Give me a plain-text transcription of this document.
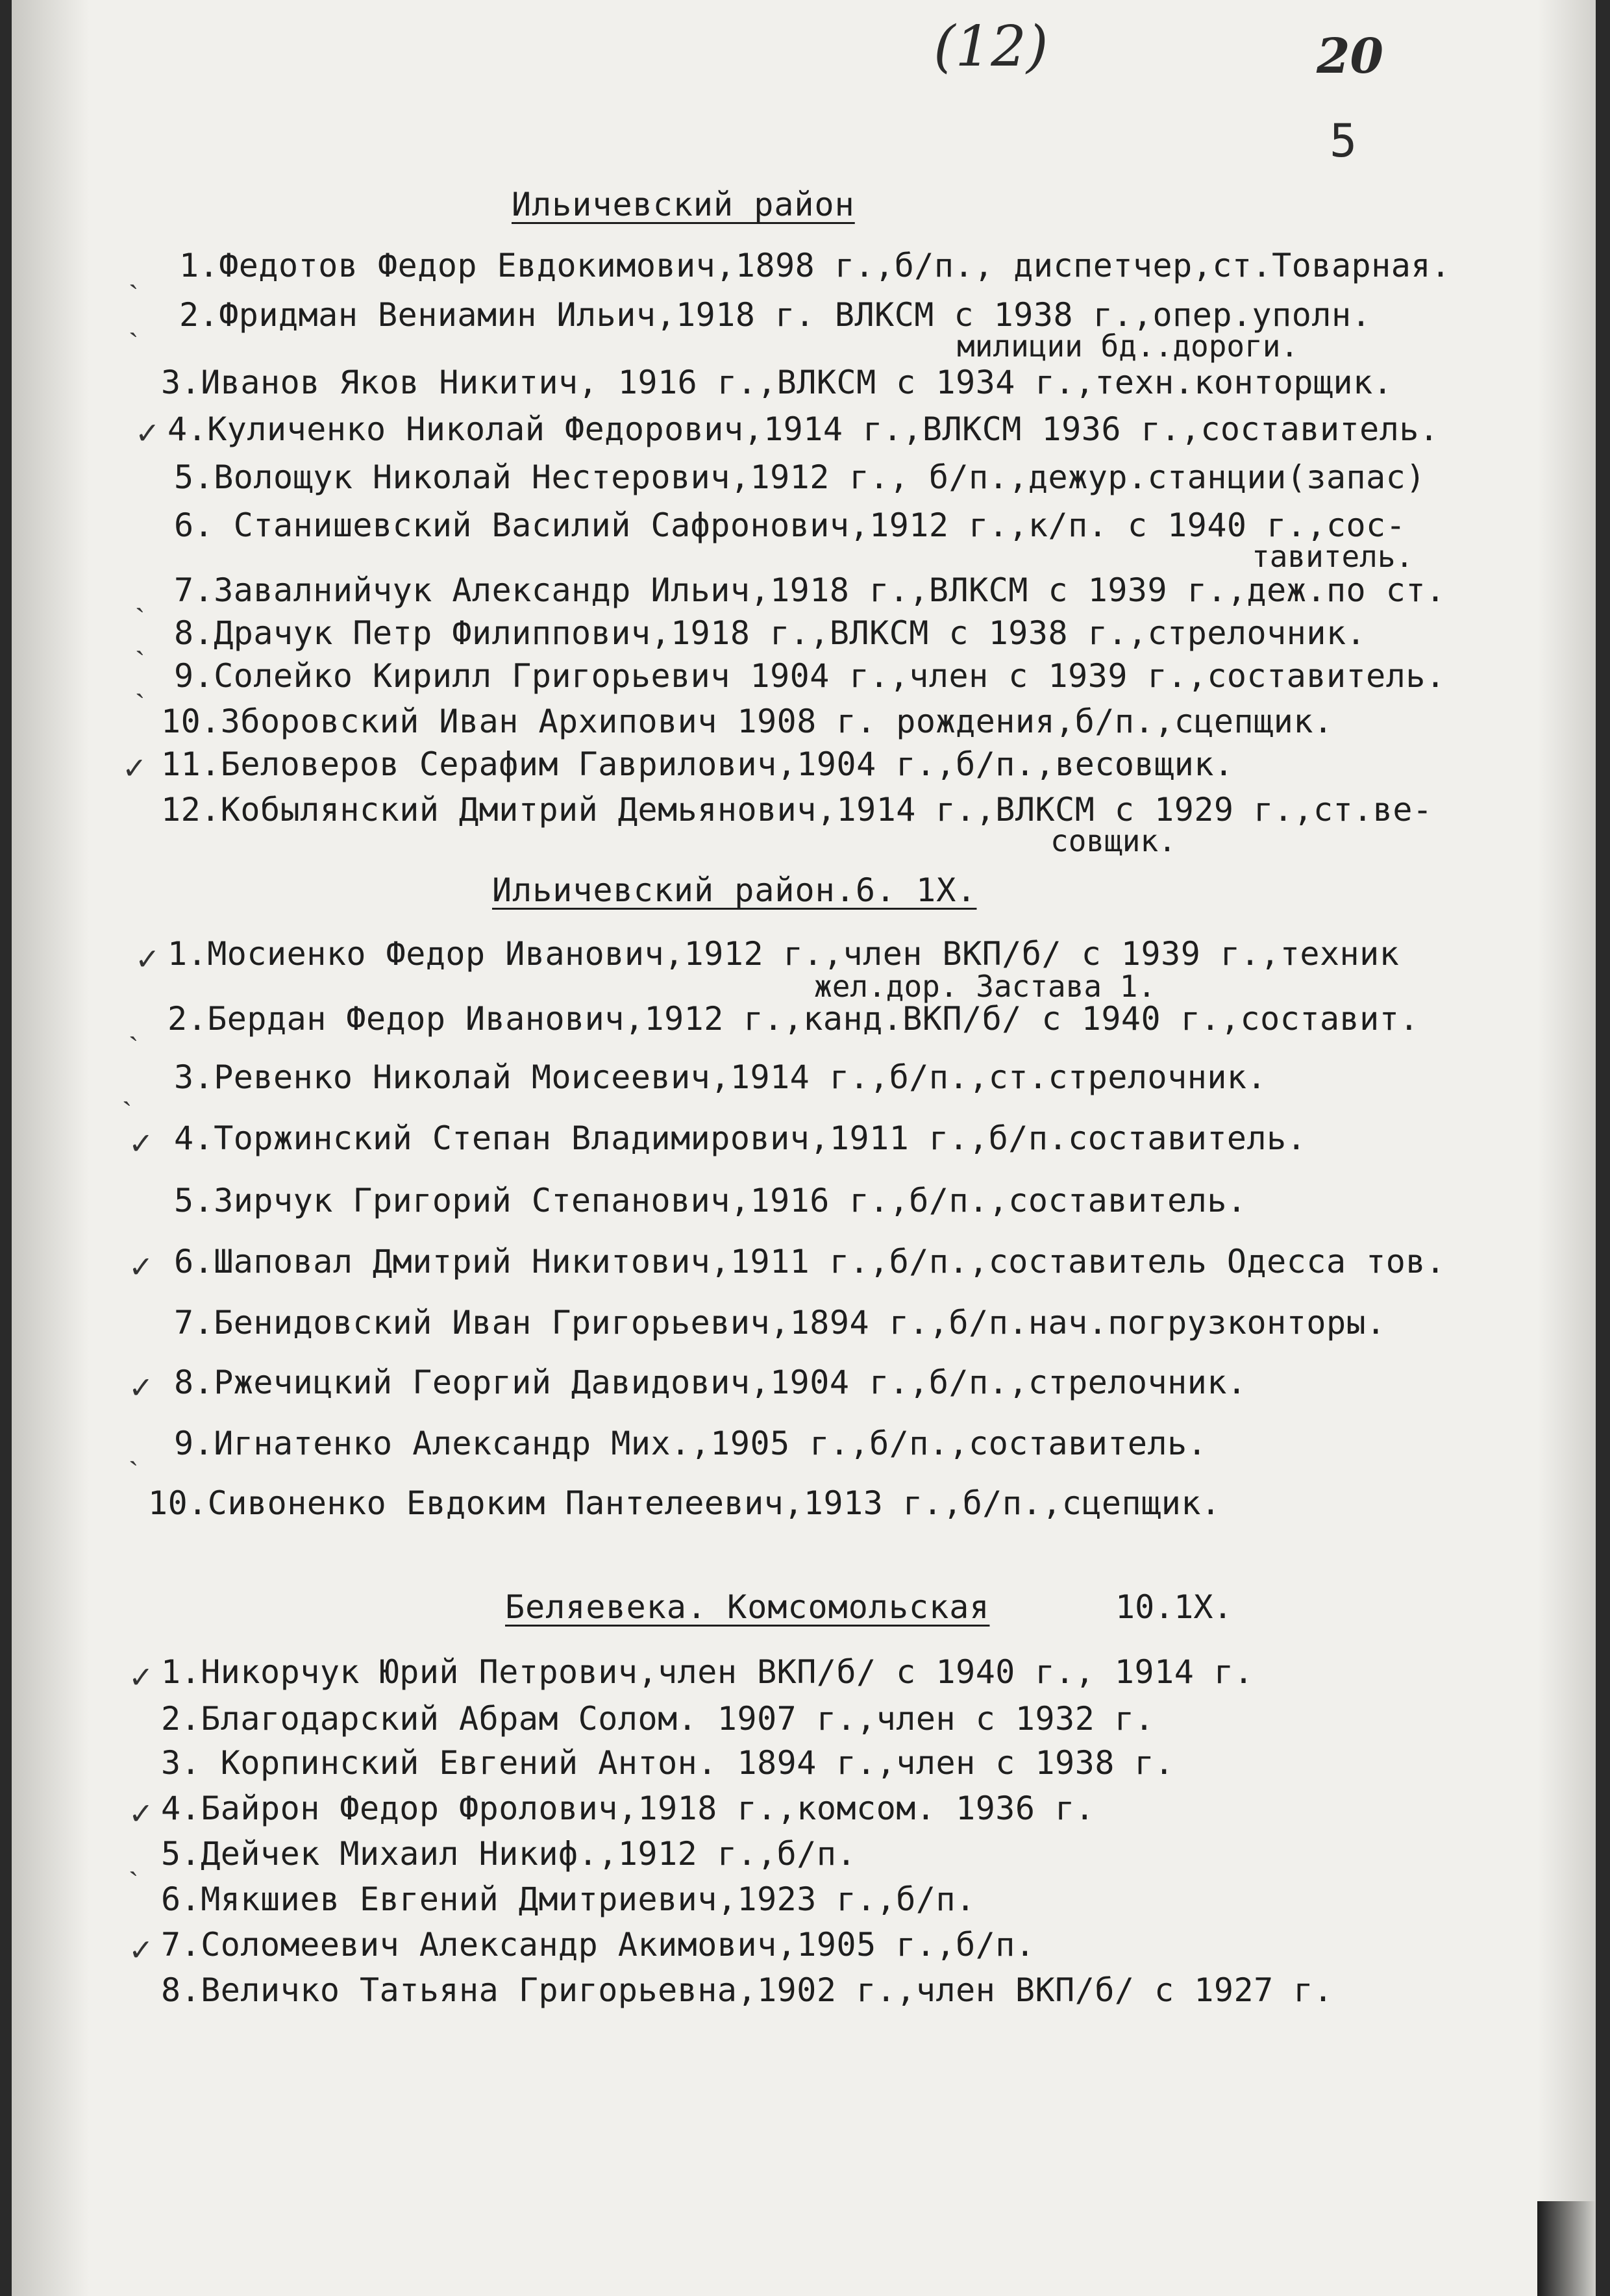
(12)	20
5
Ильичевский район
1.Федотов Федор Евдокимович,1898 г.,б/п., диспетчер,ст.Товарная.
2.Фридман Вениамин Ильич,1918 г. ВЛКСМ с 1938 г.,опер.уполн.
милиции бд..дороги.
3.Иванов Яков Никитич, 1916 г.,ВЛКСМ с 1934 г.,техн.конторщик.
4.Куличенко Николай Федорович,1914 г.,ВЛКСМ 1936 г.,составитель.
5.Волощук Николай Нестерович,1912 г., б/п.,дежур.станции(запас)
6. Станишевский Василий Сафронович,1912 г.,к/п. с 1940 г.,сос-
тавитель.
7.Завалнийчук Александр Ильич,1918 г.,ВЛКСМ с 1939 г.,деж.по ст.
8.Драчук Петр Филиппович,1918 г.,ВЛКСМ с 1938 г.,стрелочник.
9.Солейко Кирилл Григорьевич 1904 г.,член с 1939 г.,составитель.
10.Зборовский Иван Архипович 1908 г. рождения,б/п.,сцепщик.
11.Беловеров Серафим Гаврилович,1904 г.,б/п.,весовщик.
12.Кобылянский Дмитрий Демьянович,1914 г.,ВЛКСМ с 1929 г.,ст.ве-
совщик.
Ильичевский район.6. 1Х.
1.Мосиенко Федор Иванович,1912 г.,член ВКП/б/ с 1939 г.,техник
жел.дор. Застава 1.
2.Бердан Федор Иванович,1912 г.,канд.ВКП/б/ с 1940 г.,составит.
3.Ревенко Николай Моисеевич,1914 г.,б/п.,ст.стрелочник.
4.Торжинский Степан Владимирович,1911 г.,б/п.составитель.
5.Зирчук Григорий Степанович,1916 г.,б/п.,составитель.
6.Шаповал Дмитрий Никитович,1911 г.,б/п.,составитель Одесса тов.
7.Бенидовский Иван Григорьевич,1894 г.,б/п.нач.погрузконторы.
8.Ржечицкий Георгий Давидович,1904 г.,б/п.,стрелочник.
9.Игнатенко Александр Мих.,1905 г.,б/п.,составитель.
10.Сивоненко Евдоким Пантелеевич,1913 г.,б/п.,сцепщик.
Беляевека. Комсомольская	10.1Х.
1.Никорчук Юрий Петрович,член ВКП/б/ с 1940 г., 1914 г.
2.Благодарский Абрам Солом. 1907 г.,член с 1932 г.
3. Корпинский Евгений Антон. 1894 г.,член с 1938 г.
4.Байрон Федор Фролович,1918 г.,комсом. 1936 г.
5.Дейчек Михаил Никиф.,1912 г.,б/п.
6.Мякшиев Евгений Дмитриевич,1923 г.,б/п.
7.Соломеевич Александр Акимович,1905 г.,б/п.
8.Величко Татьяна Григорьевна,1902 г.,член ВКП/б/ с 1927 г.
ˎ
ˎ
✓
ˎ
ˎ
ˎ
✓
✓
ˎ
ˎ
✓
✓
✓
ˎ
✓
✓
ˎ
✓
